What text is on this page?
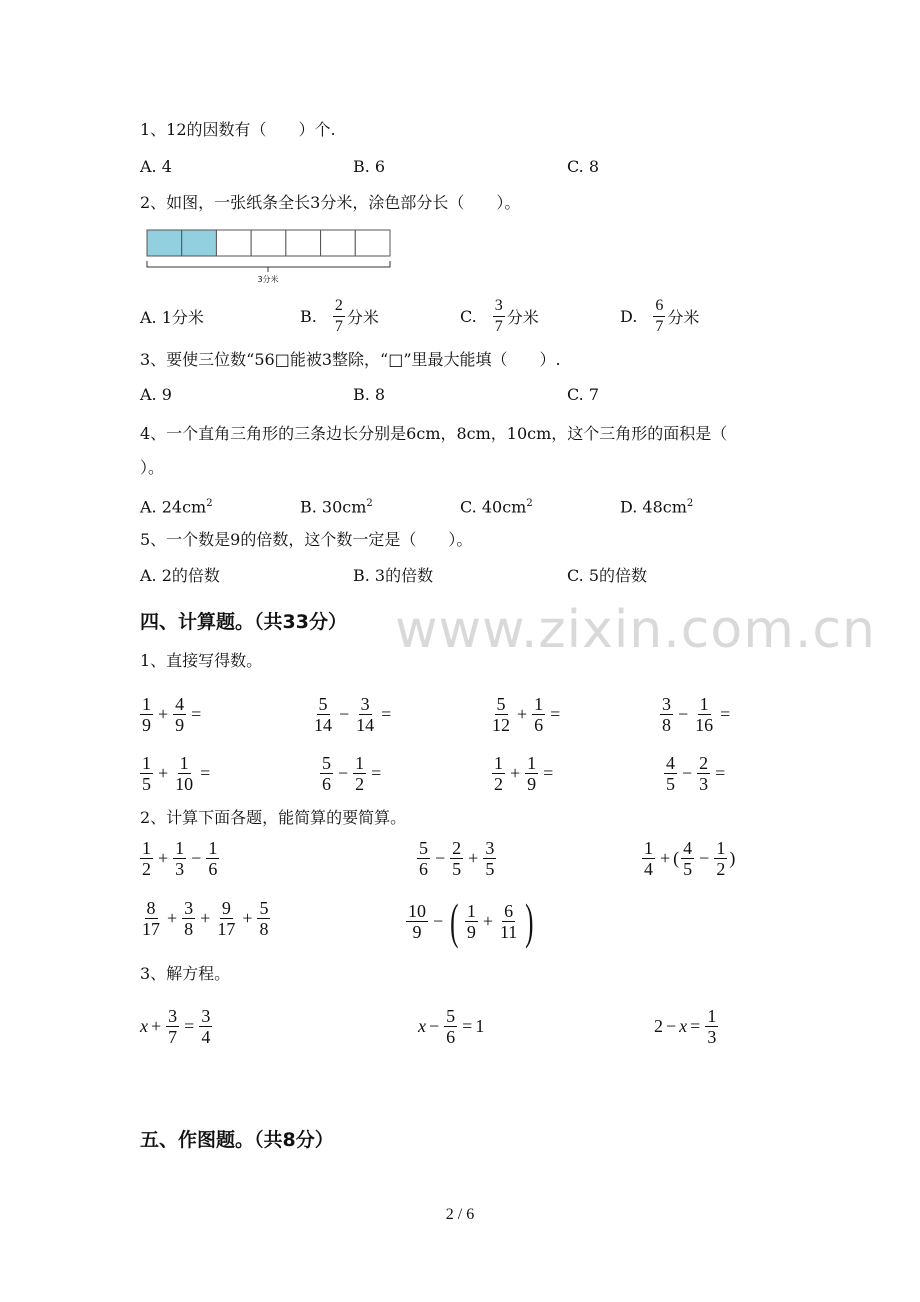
1、12的因数有（　　）个.
A. 4	B. 6	C. 8
2、如图，一张纸条全长3分米，涂色部分长（　　）。
3分米
A. 1分米	B. $\frac{2}{7}$ 分米	C. $\frac{3}{7}$ 分米	D. $\frac{6}{7}$ 分米
3、要使三位数“56□能被3整除，“□”里最大能填（　　）.
A. 9	B. 8	C. 7
4、一个直角三角形的三条边长分别是6cm，8cm，10cm，这个三角形的面积是（
）。
A. $24cm^2$	B. $30cm^2$	C. $40cm^2$	D. $48cm^2$
5、一个数是9的倍数，这个数一定是（　　）。
A. 2的倍数	B. 3的倍数	C. 5的倍数
四、计算题。（共33分） www.zixin.com.cn
1、直接写得数。
$\frac{1}{9} + \frac{4}{9}$ =	$\frac{5}{14} - \frac{3}{14}$ =	$\frac{5}{12} + \frac{1}{6}$ =	$\frac{3}{8} - \frac{1}{16}$ =
$\frac{1}{5} + \frac{1}{10}$ =	$\frac{5}{6} - \frac{1}{2}$ =	$\frac{1}{2} + \frac{1}{9}$ =	$\frac{4}{5} - \frac{2}{3}$ =
2、计算下面各题，能简算的要简算。
$\frac{1}{2} + \frac{1}{3} - \frac{1}{6}$	$\frac{5}{6} - \frac{2}{5} + \frac{3}{5}$	$\frac{1}{4}$ + ( $\frac{4}{5} - \frac{1}{2}$ )
$\frac{8}{17} + \frac{3}{8} + \frac{9}{17} + \frac{5}{8}$	$\frac{10}{9}$ − ( $\frac{1}{9} + \frac{6}{11}$ )
3、解方程。
$x + \frac{3}{7} = \frac{3}{4}$	$x - \frac{5}{6} = 1$	$2 - x = \frac{1}{3}$
五、作图题。（共8分）
2 / 6
